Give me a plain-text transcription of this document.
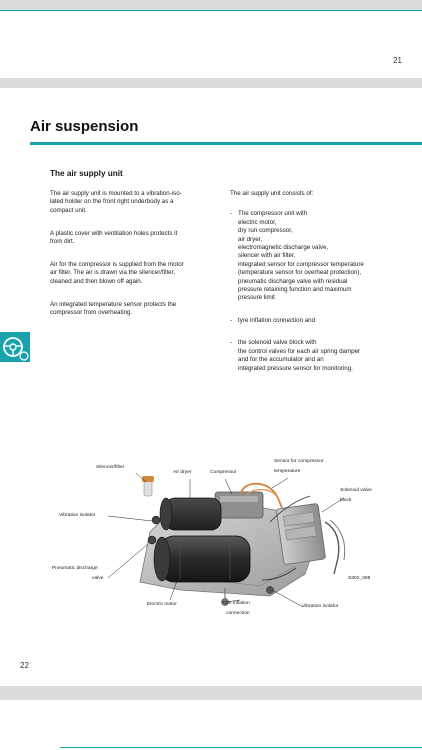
21
Air suspension
The air supply unit

The air supply unit is mounted to a vibration-iso-
lated holder on the front right underbody as a
compact unit.

A plastic cover with ventilation holes protects it
from dirt.

Air for the compressor is supplied from the motor
air filter. The air is drawn via the silencer/filter,
cleaned and then blown off again.

An integrated temperature sensor protects the
compressor from overheating.

The air supply unit consists of:

- The compressor unit with
electric motor,
dry run compressor,
air dryer,
electromagnetic discharge valve,
silencer with air filter,
integrated sensor for compressor temperature
(temperature sensor for overheat protection),
pneumatic discharge valve with residual
pressure retaining function and maximum
pressure limit
- tyre inflation connection and
- the solenoid valve block with
the control valves for each air spring damper
and for the accumulator and an
integrated pressure sensor for monitoring.
Silencer/filter
Air dryer	Compressor
Sensor for compressor
temperature
Solenoid valve
block
Vibration isolator
Pneumatic discharge
valve	S302_088
Electric motor	Tyre inflation
connection
Vibration isolator
22
